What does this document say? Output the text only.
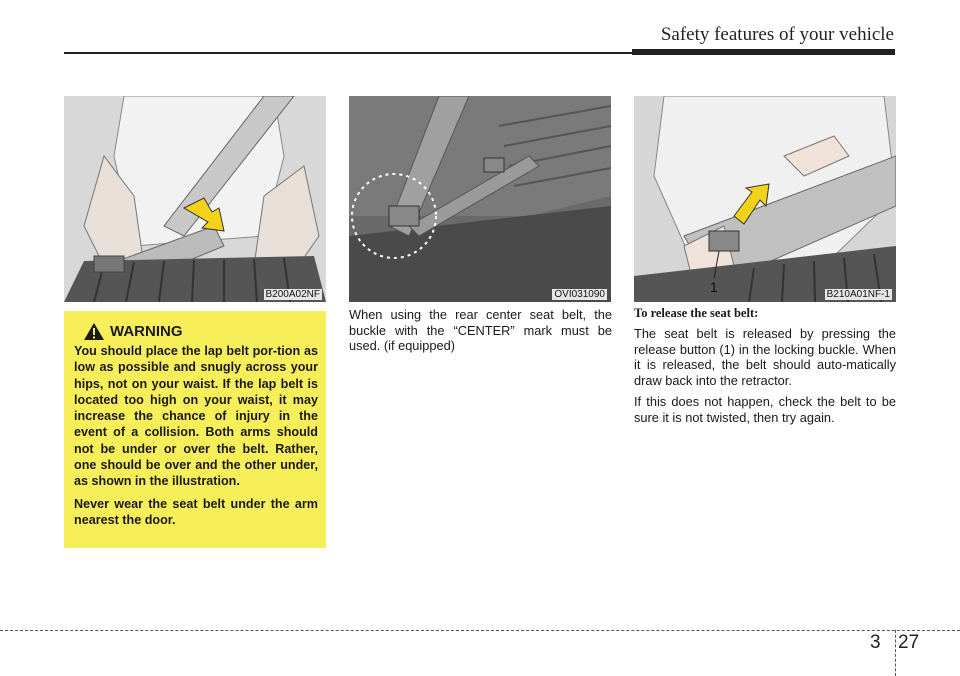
Safety features of your vehicle
B200A02NF	OVI031090	1	B210A01NF-1
WARNING

You should place the lap belt por-tion as low as possible and snugly across your hips, not on your waist. If the lap belt is located too high on your waist, it may increase the chance of injury in the event of a collision. Both arms should not be under or over the belt. Rather, one should be over and the other under, as shown in the illustration.

Never wear the seat belt under the arm nearest the door.

When using the rear center seat belt, the buckle with the “CENTER” mark must be used. (if equipped)

To release the seat belt:

The seat belt is released by pressing the release button (1) in the locking buckle. When it is released, the belt should auto-matically draw back into the retractor.

If this does not happen, check the belt to be sure it is not twisted, then try again.

3 27
